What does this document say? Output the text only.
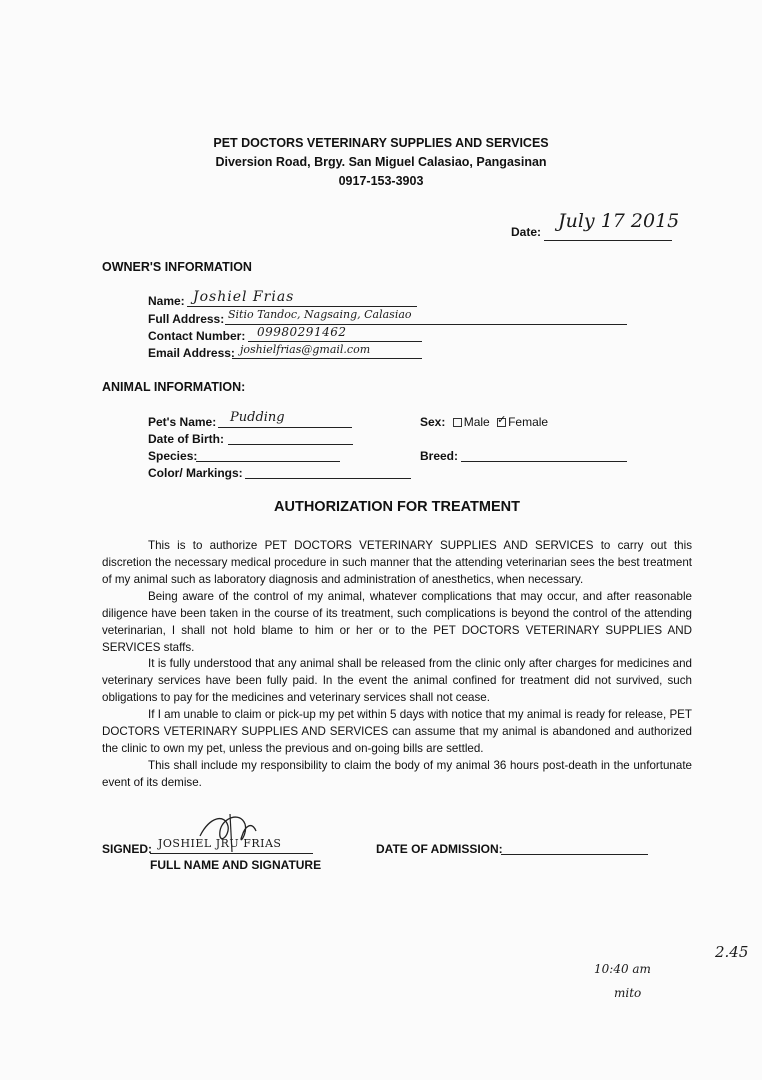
PET DOCTORS VETERINARY SUPPLIES AND SERVICES
Diversion Road, Brgy. San Miguel Calasiao, Pangasinan
0917-153-3903
Date: July 17 2015
OWNER'S INFORMATION
Name: Joshiel Frias
Full Address: Sitio Tandoc, Nagsaing, Calasiao
Contact Number: 09980291462
Email Address: joshielfrias@gmail.com
ANIMAL INFORMATION:
Pet's Name: Pudding
Date of Birth:
Species:
Color/ Markings:
Sex: Male ✓ Female
Breed:
AUTHORIZATION FOR TREATMENT

This is to authorize PET DOCTORS VETERINARY SUPPLIES AND SERVICES to carry out this discretion the necessary medical procedure in such manner that the attending veterinarian sees the best treatment of my animal such as laboratory diagnosis and administration of anesthetics, when necessary.

Being aware of the control of my animal, whatever complications that may occur, and after reasonable diligence have been taken in the course of its treatment, such complications is beyond the control of the attending veterinarian, I shall not hold blame to him or her or to the PET DOCTORS VETERINARY SUPPLIES AND SERVICES staffs.

It is fully understood that any animal shall be released from the clinic only after charges for medicines and veterinary services have been fully paid. In the event the animal confined for treatment did not survived, such obligations to pay for the medicines and veterinary services shall not cease.

If I am unable to claim or pick-up my pet within 5 days with notice that my animal is ready for release, PET DOCTORS VETERINARY SUPPLIES AND SERVICES can assume that my animal is abandoned and authorized the clinic to own my pet, unless the previous and on-going bills are settled.

This shall include my responsibility to claim the body of my animal 36 hours post-death in the unfortunate event of its demise.

SIGNED: JOSHIEL JRU FRIAS
FULL NAME AND SIGNATURE
DATE OF ADMISSION:
2.45
10:40 am
mito
